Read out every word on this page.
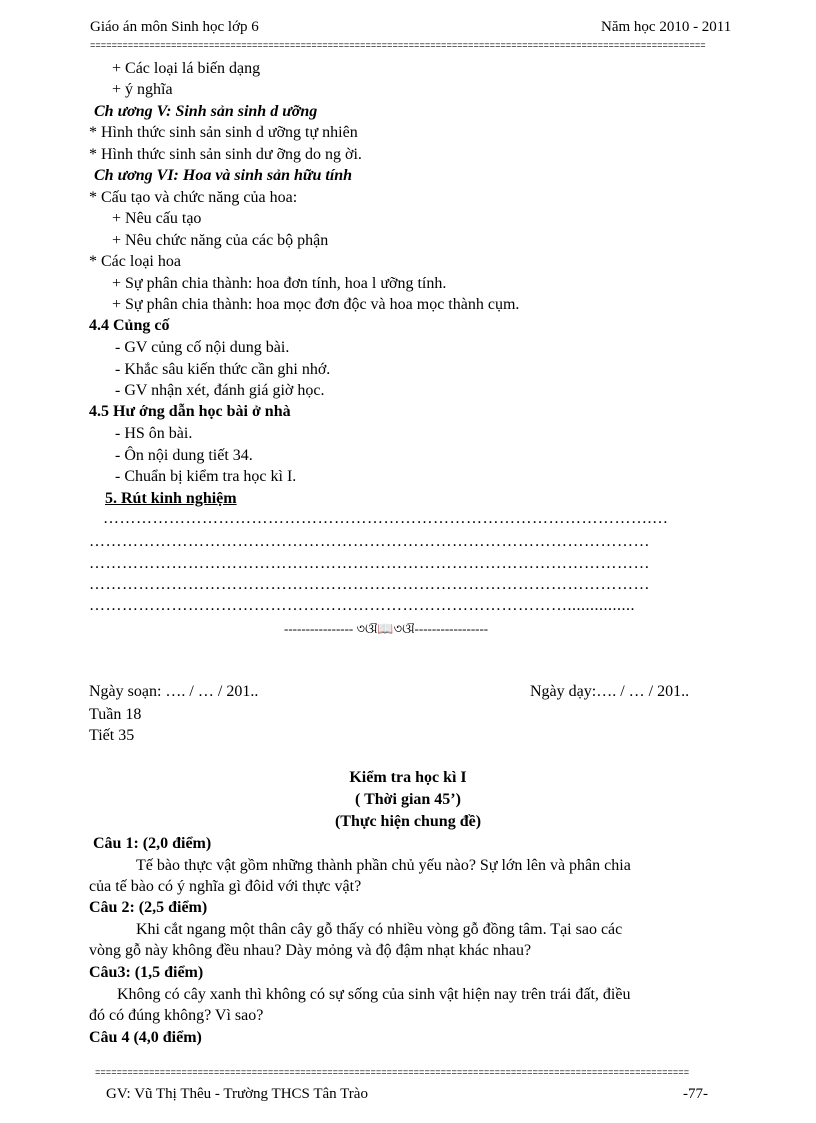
Giáo án môn Sinh học lớp 6	Năm học 2010 - 2011
==================================================================================================================
+ Các loại lá biến dạng
+ ý nghĩa
Ch ương V: Sinh sản sinh d ưỡng
* Hình thức sinh sản sinh d ưỡng tự nhiên
* Hình thức sinh sản sinh dư ỡng do ng ời.
Ch ương VI: Hoa và sinh sản hữu tính
* Cấu tạo và chức năng của hoa:
+ Nêu cấu tạo
+ Nêu chức năng của các bộ phận
* Các loại hoa
+ Sự phân chia thành: hoa đơn tính, hoa l ưỡng tính.
+ Sự phân chia thành: hoa mọc đơn độc và hoa mọc thành cụm.
4.4 Củng cố
- GV củng cố nội dung bài.
- Khắc sâu kiến thức cần ghi nhớ.
- GV nhận xét, đánh giá giờ học.
4.5 Hư ớng dẫn học bài ở nhà
- HS ôn bài.
- Ôn nội dung tiết 34.
- Chuẩn bị kiểm tra học kì I.
5. Rút kinh nghiệm
……………………………………………………………………………………….…
…………………………………………………………………………………………
…………………………………………………………………………………………
…………………………………………………………………………………………
……………………………………………………………………………...............
---------------- ৩ଔ📖৩ଔ-----------------
Ngày soạn: …. / … / 201..	Ngày dạy:…. / … / 201..
Tuần 18
Tiết 35
Kiểm tra học kì I
( Thời gian 45’)
(Thực hiện chung đề)
Câu 1: (2,0 điểm)
Tế bào thực vật gồm những thành phần chủ yếu nào? Sự lớn lên và phân chia
của tế bào có ý nghĩa gì đôid với thực vật?
Câu 2: (2,5 điểm)
Khi cắt ngang một thân cây gỗ thấy có nhiều vòng gỗ đồng tâm. Tại sao các
vòng gỗ này không đều nhau? Dày mỏng và độ đậm nhạt khác nhau?
Câu3: (1,5 điểm)
Không có cây xanh thì không có sự sống của sinh vật hiện nay trên trái đất, điều
đó có đúng không? Vì sao?
Câu 4 (4,0 điểm)
==============================================================================================================
GV: Vũ Thị Thêu - Trường THCS Tân Trào	-77-
